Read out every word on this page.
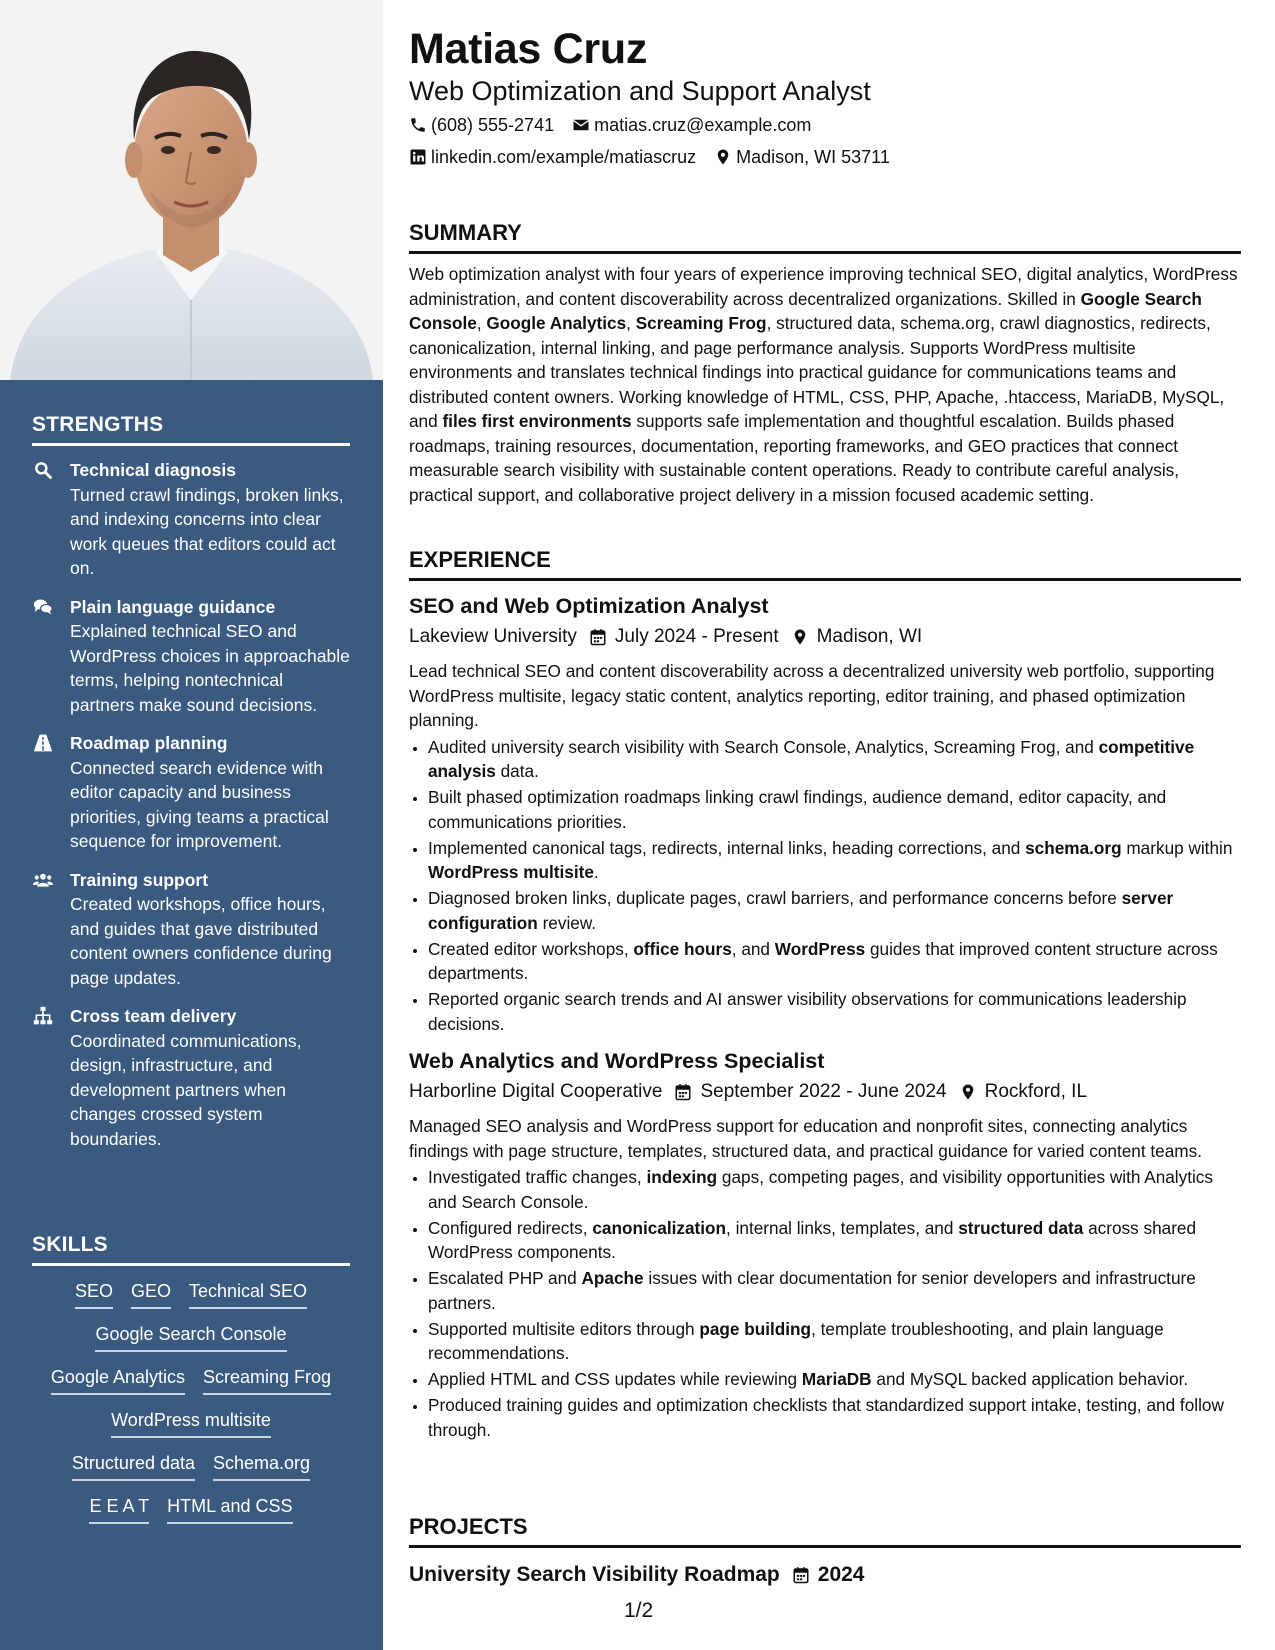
STRENGTHS
Technical diagnosis
Turned crawl findings, broken links, and indexing concerns into clear work queues that editors could act on.
Plain language guidance
Explained technical SEO and WordPress choices in approachable terms, helping nontechnical partners make sound decisions.
Roadmap planning
Connected search evidence with editor capacity and business priorities, giving teams a practical sequence for improvement.
Training support
Created workshops, office hours, and guides that gave distributed content owners confidence during page updates.
Cross team delivery
Coordinated communications, design, infrastructure, and development partners when changes crossed system boundaries.
SKILLS
SEO GEO Technical SEO
Google Search Console
Google Analytics Screaming Frog
WordPress multisite
Structured data Schema.org
E E A T HTML and CSS
Matias Cruz
Web Optimization and Support Analyst
(608) 555-2741 matias.cruz@example.com
linkedin.com/example/matiascruz Madison, WI 53711
SUMMARY

Web optimization analyst with four years of experience improving technical SEO, digital analytics, WordPress administration, and content discoverability across decentralized organizations. Skilled in Google Search Console, Google Analytics, Screaming Frog, structured data, schema.org, crawl diagnostics, redirects, canonicalization, internal linking, and page performance analysis. Supports WordPress multisite environments and translates technical findings into practical guidance for communications teams and distributed content owners. Working knowledge of HTML, CSS, PHP, Apache, .htaccess, MariaDB, MySQL, and files first environments supports safe implementation and thoughtful escalation. Builds phased roadmaps, training resources, documentation, reporting frameworks, and GEO practices that connect measurable search visibility with sustainable content operations. Ready to contribute careful analysis, practical support, and collaborative project delivery in a mission focused academic setting.

EXPERIENCE
SEO and Web Optimization Analyst
Lakeview University July 2024 - Present Madison, WI

Lead technical SEO and content discoverability across a decentralized university web portfolio, supporting WordPress multisite, legacy static content, analytics reporting, editor training, and phased optimization planning.

• Audited university search visibility with Search Console, Analytics, Screaming Frog, and competitive analysis data.
• Built phased optimization roadmaps linking crawl findings, audience demand, editor capacity, and communications priorities.
• Implemented canonical tags, redirects, internal links, heading corrections, and schema.org markup within WordPress multisite.
• Diagnosed broken links, duplicate pages, crawl barriers, and performance concerns before server configuration review.
• Created editor workshops, office hours, and WordPress guides that improved content structure across departments.
• Reported organic search trends and AI answer visibility observations for communications leadership decisions.
Web Analytics and WordPress Specialist
Harborline Digital Cooperative September 2022 - June 2024 Rockford, IL

Managed SEO analysis and WordPress support for education and nonprofit sites, connecting analytics findings with page structure, templates, structured data, and practical guidance for varied content teams.

• Investigated traffic changes, indexing gaps, competing pages, and visibility opportunities with Analytics and Search Console.
• Configured redirects, canonicalization, internal links, templates, and structured data across shared WordPress components.
• Escalated PHP and Apache issues with clear documentation for senior developers and infrastructure partners.
• Supported multisite editors through page building, template troubleshooting, and plain language recommendations.
• Applied HTML and CSS updates while reviewing MariaDB and MySQL backed application behavior.
• Produced training guides and optimization checklists that standardized support intake, testing, and follow through.
PROJECTS
University Search Visibility Roadmap 2024
1/2
